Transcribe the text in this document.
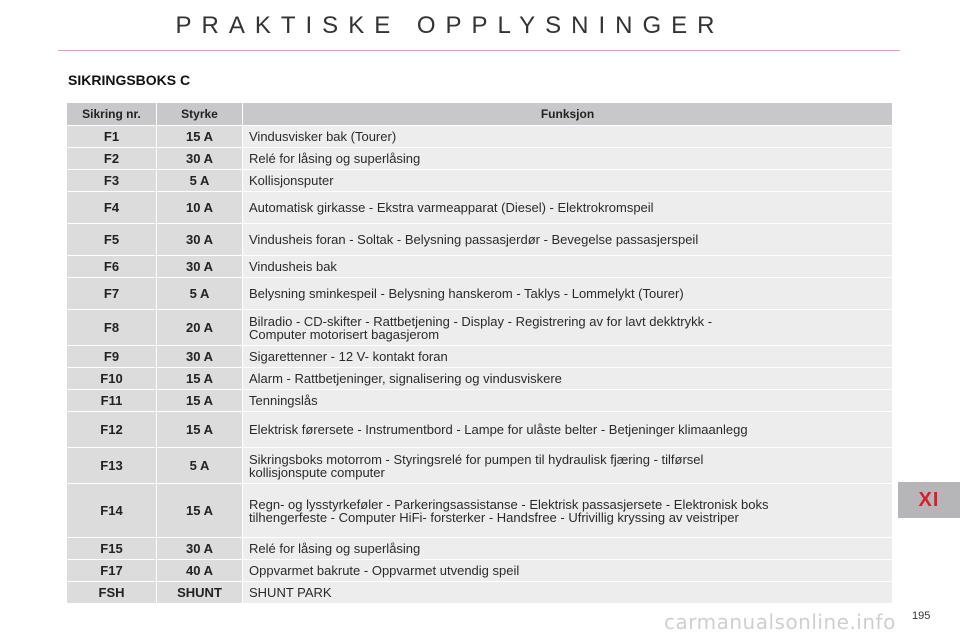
PRAKTISKE OPPLYSNINGER
SIKRINGSBOKS C
Sikring nr.	Styrke	Funksjon
F1	15 A	Vindusvisker bak (Tourer)

F2	30 A	Relé for låsing og superlåsing

F3	5 A	Kollisjonsputer

F4	10 A	Automatisk girkasse - Ekstra varmeapparat (Diesel) - Elektrokromspeil

F5	30 A	Vindusheis foran - Soltak - Belysning passasjerdør - Bevegelse passasjerspeil

F6	30 A	Vindusheis bak

F7	5 A	Belysning sminkespeil - Belysning hanskerom - Taklys - Lommelykt (Tourer)

F8	20 A	Bilradio - CD-skifter - Rattbetjening - Display - Registrering av for lavt dekktrykk -
Computer motorisert bagasjerom

F9	30 A	Sigarettenner - 12 V- kontakt foran

F10	15 A	Alarm - Rattbetjeninger, signalisering og vindusviskere

F11	15 A	Tenningslås

F12	15 A	Elektrisk førersete - Instrumentbord - Lampe for ulåste belter - Betjeninger klimaanlegg

F13	5 A	Sikringsboks motorrom - Styringsrelé for pumpen til hydraulisk fjæring - tilførsel
kollisjonspute computer

F14	15 A	Regn- og lysstyrkeføler - Parkeringsassistanse - Elektrisk passasjersete - Elektronisk boks
tilhengerfeste - Computer HiFi- forsterker - Handsfree - Ufrivillig kryssing av veistriper

F15	30 A	Relé for låsing og superlåsing

F17	40 A	Oppvarmet bakrute - Oppvarmet utvendig speil

FSH	SHUNT	SHUNT PARK
XI
carmanualsonline.info 195
